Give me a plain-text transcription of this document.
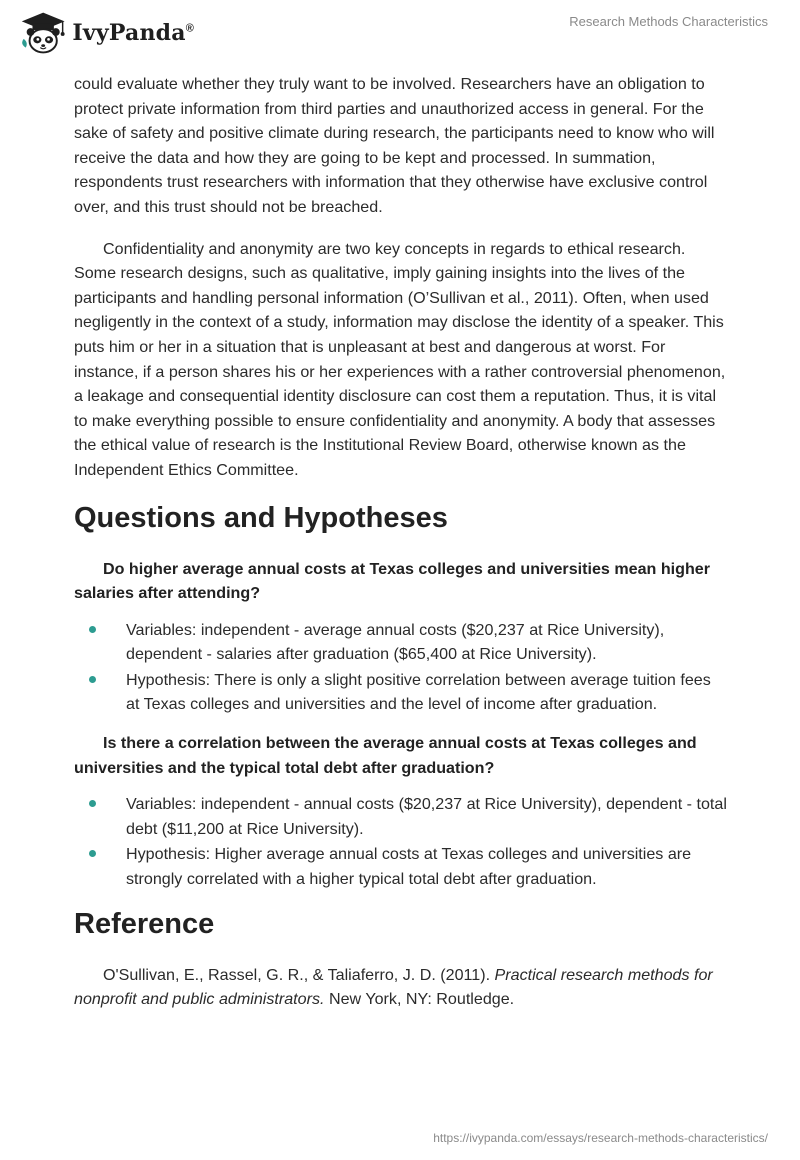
IvyPanda®	Research Methods Characteristics

could evaluate whether they truly want to be involved. Researchers have an obligation to protect private information from third parties and unauthorized access in general. For the sake of safety and positive climate during research, the participants need to know who will receive the data and how they are going to be kept and processed. In summation, respondents trust researchers with information that they otherwise have exclusive control over, and this trust should not be breached.

Confidentiality and anonymity are two key concepts in regards to ethical research. Some research designs, such as qualitative, imply gaining insights into the lives of the participants and handling personal information (O’Sullivan et al., 2011). Often, when used negligently in the context of a study, information may disclose the identity of a speaker. This puts him or her in a situation that is unpleasant at best and dangerous at worst. For instance, if a person shares his or her experiences with a rather controversial phenomenon, a leakage and consequential identity disclosure can cost them a reputation. Thus, it is vital to make everything possible to ensure confidentiality and anonymity. A body that assesses the ethical value of research is the Institutional Review Board, otherwise known as the Independent Ethics Committee.

Questions and Hypotheses

Do higher average annual costs at Texas colleges and universities mean higher salaries after attending?

Variables: independent - average annual costs ($20,237 at Rice University), dependent - salaries after graduation ($65,400 at Rice University).
Hypothesis: There is only a slight positive correlation between average tuition fees at Texas colleges and universities and the level of income after graduation.

Is there a correlation between the average annual costs at Texas colleges and universities and the typical total debt after graduation?

Variables: independent - annual costs ($20,237 at Rice University), dependent - total debt ($11,200 at Rice University).
Hypothesis: Higher average annual costs at Texas colleges and universities are strongly correlated with a higher typical total debt after graduation.
Reference

O'Sullivan, E., Rassel, G. R., & Taliaferro, J. D. (2011). Practical research methods for nonprofit and public administrators. New York, NY: Routledge.

https://ivypanda.com/essays/research-methods-characteristics/
